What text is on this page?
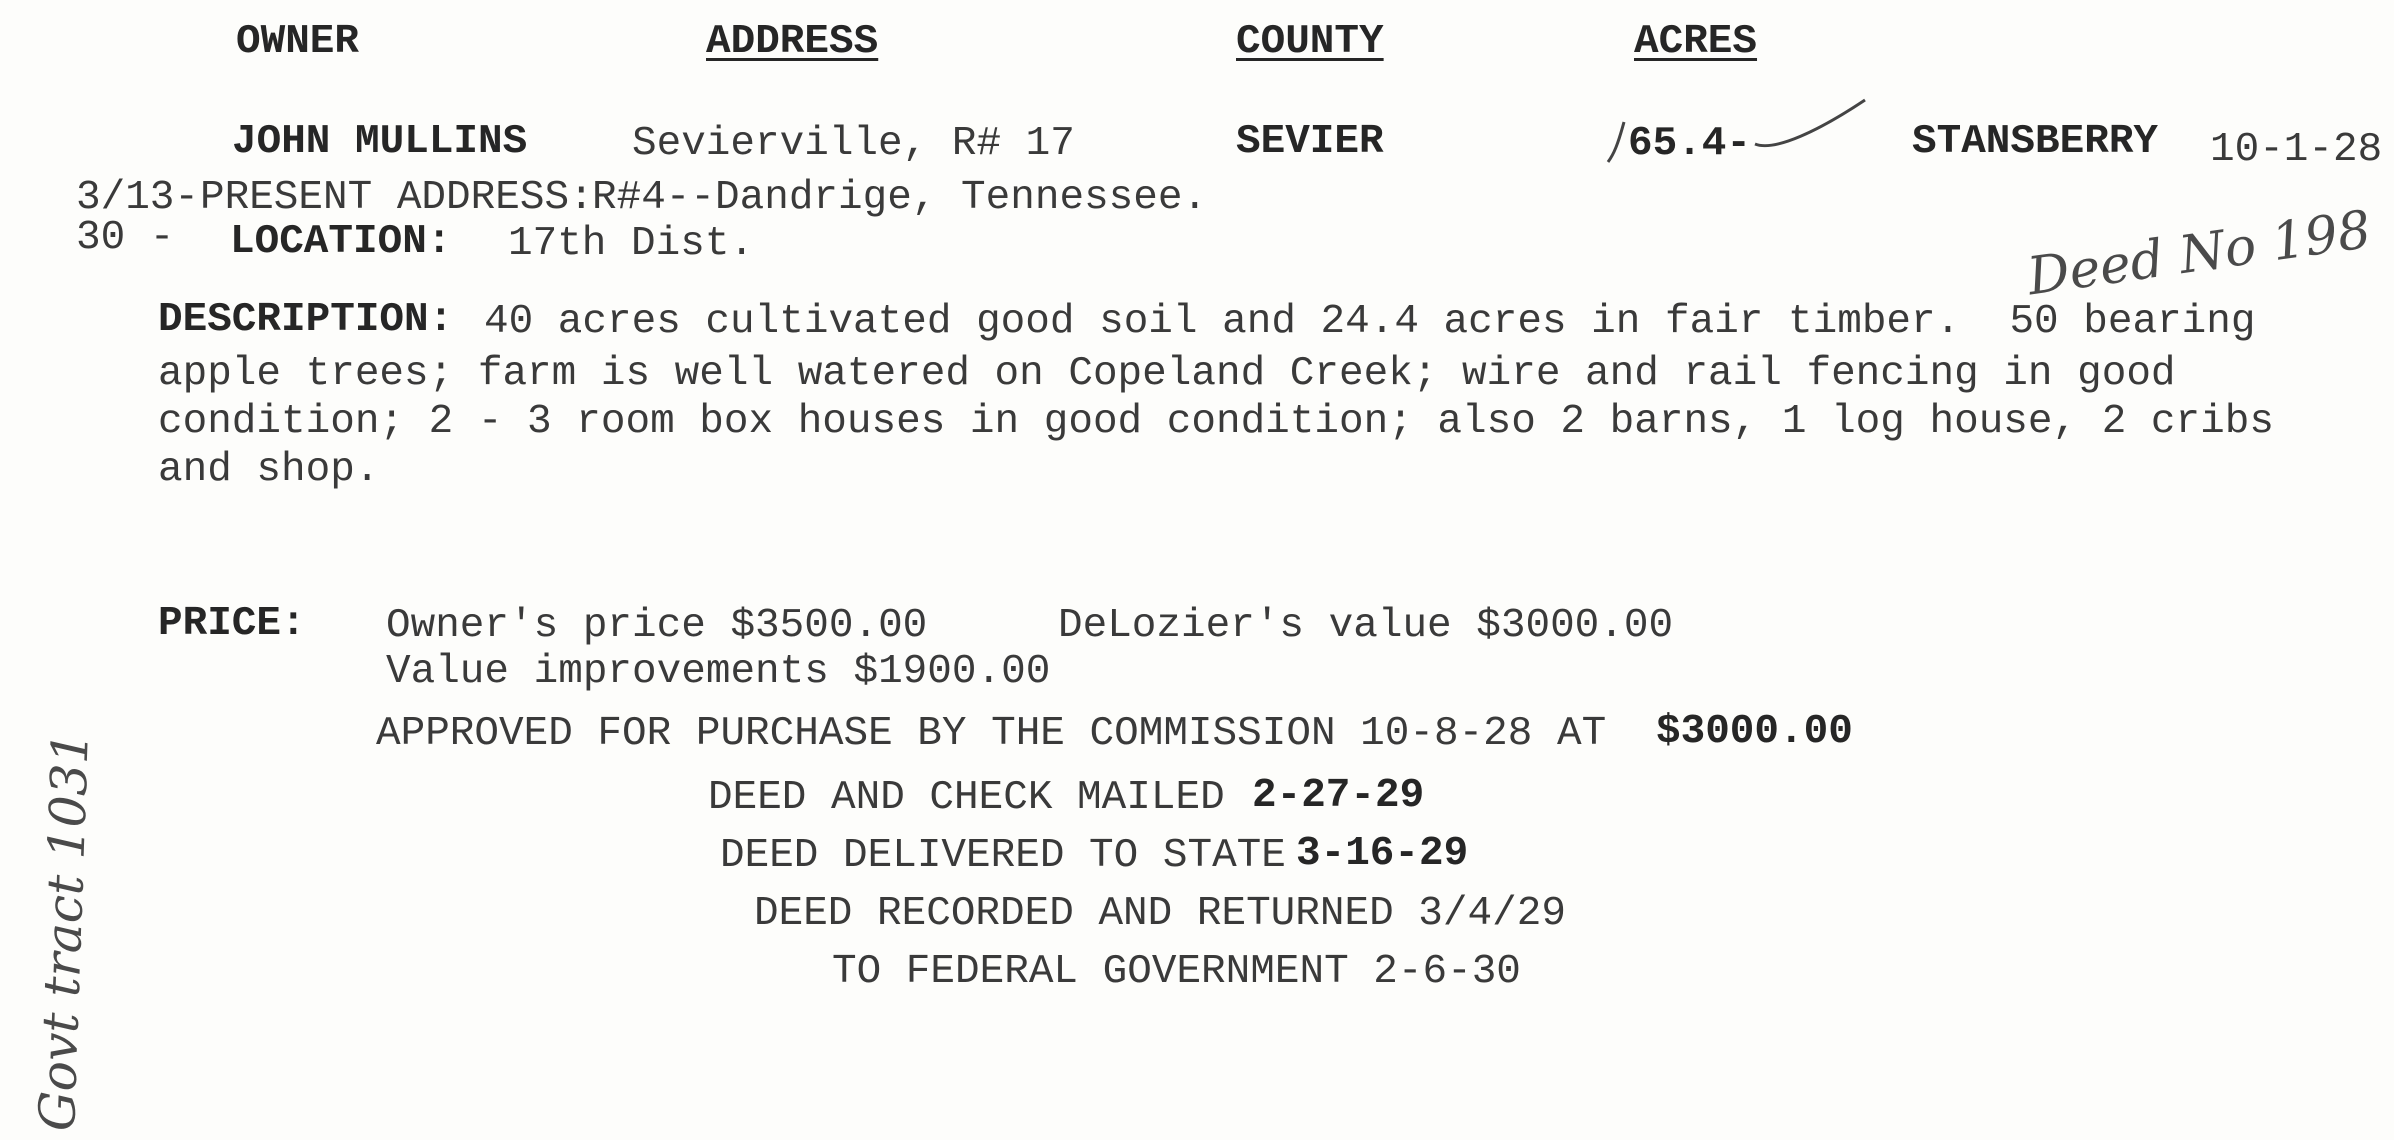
OWNER	ADDRESS	COUNTY	ACRES
JOHN MULLINS	Sevierville, R# 17	SEVIER	65.4-	STANSBERRY 10-1-28
3/13- PRESENT ADDRESS:
R#4--Dandrige, Tennessee.
30 - LOCATION: 17th Dist.	Deed No 198
DESCRIPTION: 40 acres cultivated good soil and 24.4 acres in fair timber.  50 bearing
apple trees; farm is well watered on Copeland Creek; wire and rail fencing in good
condition; 2 - 3 room box houses in good condition; also 2 barns, 1 log house, 2 cribs
and shop.
PRICE: Owner's price $3500.00	DeLozier's value $3000.00
Value improvements $1900.00
APPROVED FOR PURCHASE BY THE COMMISSION 10-8-28 AT $3000.00
DEED AND CHECK MAILED 2-27-29
DEED DELIVERED TO STATE 3-16-29
DEED RECORDED AND RETURNED 3/4/29
TO FEDERAL GOVERNMENT 2-6-30
Govt tract 1031
